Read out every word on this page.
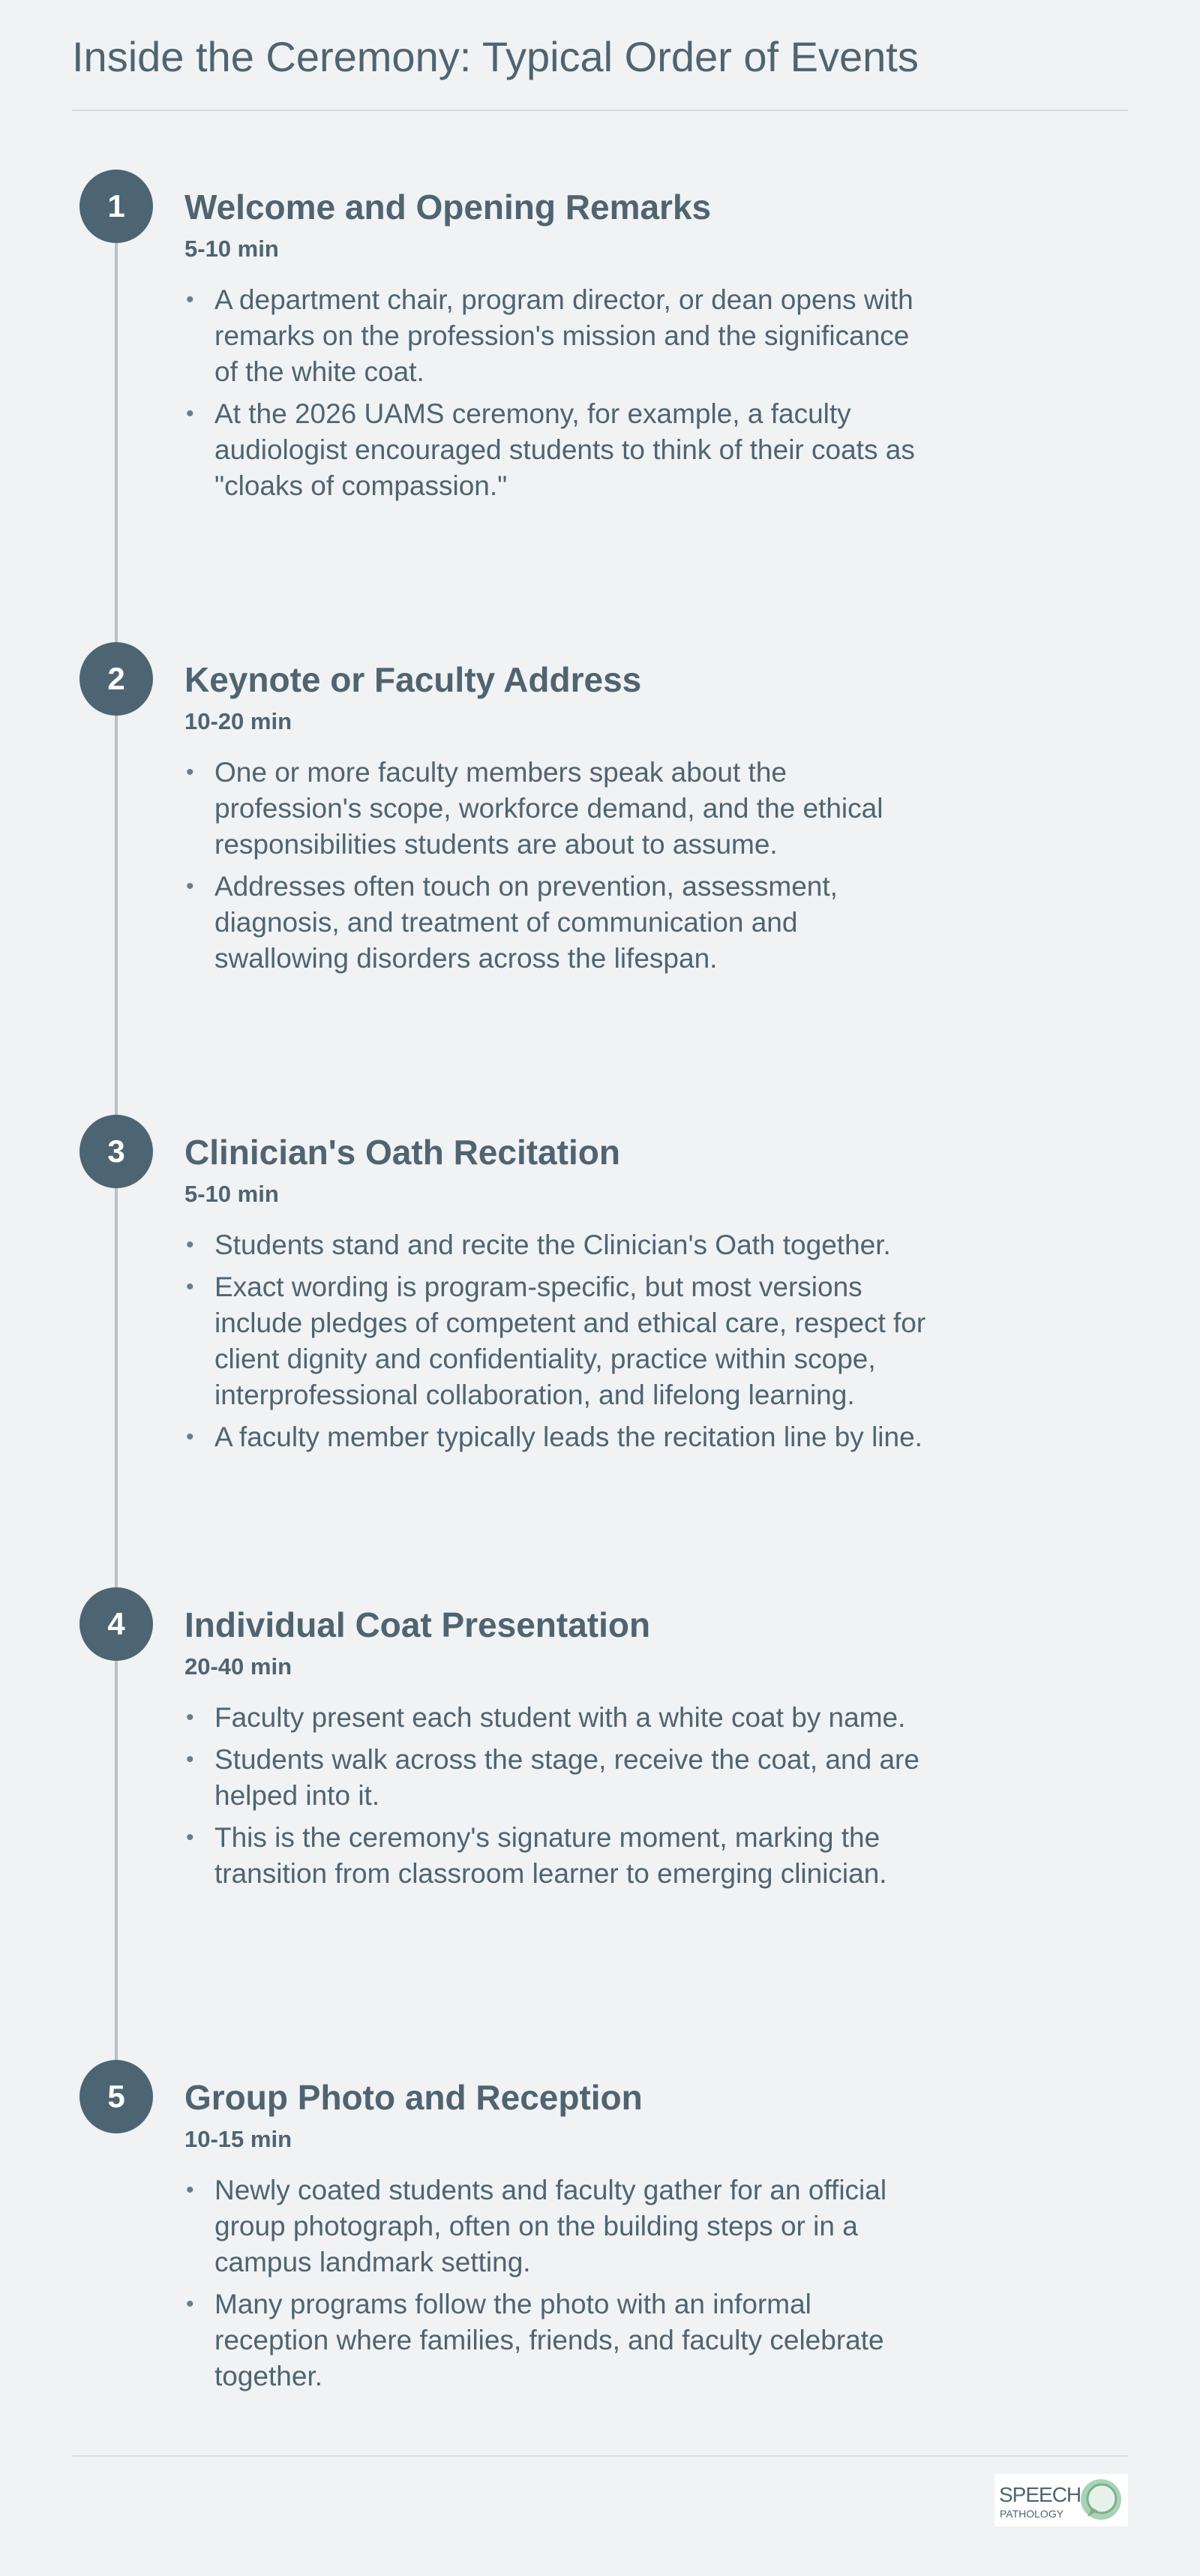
Inside the Ceremony: Typical Order of Events
1	Welcome and Opening Remarks
5-10 min
• A department chair, program director, or dean opens with remarks on the profession's mission and the significance of the white coat.
• At the 2026 UAMS ceremony, for example, a faculty audiologist encouraged students to think of their coats as "cloaks of compassion."
2	Keynote or Faculty Address
10-20 min
• One or more faculty members speak about the profession's scope, workforce demand, and the ethical responsibilities students are about to assume.
• Addresses often touch on prevention, assessment, diagnosis, and treatment of communication and swallowing disorders across the lifespan.
3	Clinician's Oath Recitation
5-10 min
• Students stand and recite the Clinician's Oath together.
• Exact wording is program-specific, but most versions include pledges of competent and ethical care, respect for client dignity and confidentiality, practice within scope, interprofessional collaboration, and lifelong learning.
• A faculty member typically leads the recitation line by line.
4	Individual Coat Presentation
20-40 min
• Faculty present each student with a white coat by name.
• Students walk across the stage, receive the coat, and are helped into it.
• This is the ceremony's signature moment, marking the transition from classroom learner to emerging clinician.
5	Group Photo and Reception
10-15 min
• Newly coated students and faculty gather for an official group photograph, often on the building steps or in a campus landmark setting.
• Many programs follow the photo with an informal reception where families, friends, and faculty celebrate together.
SPEECH
PATHOLOGY
